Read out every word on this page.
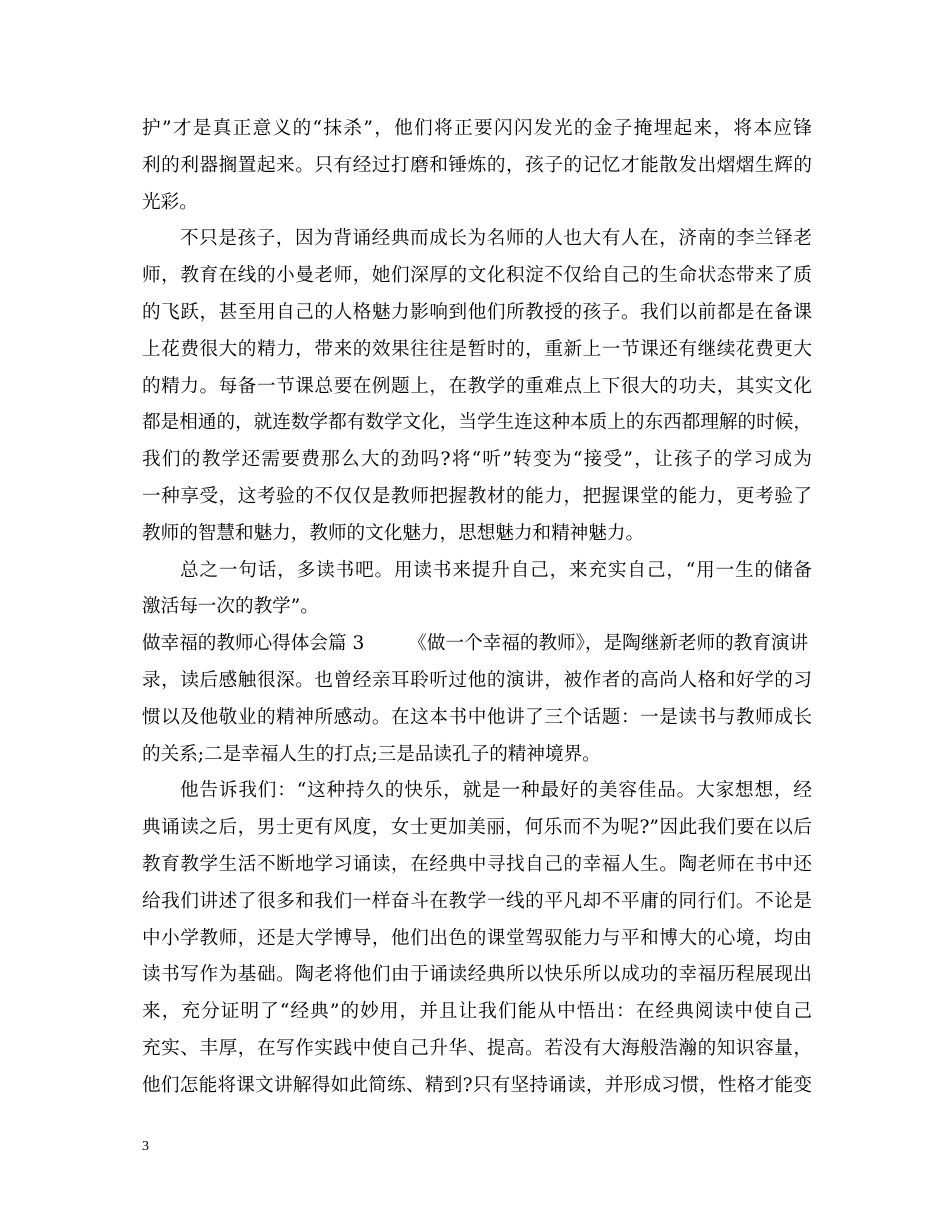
护”才是真正意义的“抹杀”，他们将正要闪闪发光的金子掩埋起来，将本应锋
利的利器搁置起来。只有经过打磨和锤炼的，孩子的记忆才能散发出熠熠生辉的
光彩。
不只是孩子，因为背诵经典而成长为名师的人也大有人在，济南的李兰铎老
师，教育在线的小曼老师，她们深厚的文化积淀不仅给自己的生命状态带来了质
的飞跃，甚至用自己的人格魅力影响到他们所教授的孩子。我们以前都是在备课
上花费很大的精力，带来的效果往往是暂时的，重新上一节课还有继续花费更大
的精力。每备一节课总要在例题上，在教学的重难点上下很大的功夫，其实文化
都是相通的，就连数学都有数学文化，当学生连这种本质上的东西都理解的时候，
我们的教学还需要费那么大的劲吗?将“听”转变为“接受”，让孩子的学习成为
一种享受，这考验的不仅仅是教师把握教材的能力，把握课堂的能力，更考验了
教师的智慧和魅力，教师的文化魅力，思想魅力和精神魅力。
总之一句话，多读书吧。用读书来提升自己，来充实自己，“用一生的储备
激活每一次的教学”。
做幸福的教师心得体会篇 3 《做一个幸福的教师》，是陶继新老师的教育演讲
录，读后感触很深。也曾经亲耳聆听过他的演讲，被作者的高尚人格和好学的习
惯以及他敬业的精神所感动。在这本书中他讲了三个话题：一是读书与教师成长
的关系;二是幸福人生的打点;三是品读孔子的精神境界。
他告诉我们：“这种持久的快乐，就是一种最好的美容佳品。大家想想，经
典诵读之后，男士更有风度，女士更加美丽，何乐而不为呢?”因此我们要在以后
教育教学生活不断地学习诵读，在经典中寻找自己的幸福人生。陶老师在书中还
给我们讲述了很多和我们一样奋斗在教学一线的平凡却不平庸的同行们。不论是
中小学教师，还是大学博导，他们出色的课堂驾驭能力与平和博大的心境，均由
读书写作为基础。陶老将他们由于诵读经典所以快乐所以成功的幸福历程展现出
来，充分证明了“经典”的妙用，并且让我们能从中悟出：在经典阅读中使自己
充实、丰厚，在写作实践中使自己升华、提高。若没有大海般浩瀚的知识容量，
他们怎能将课文讲解得如此简练、精到?只有坚持诵读，并形成习惯，性格才能变
3
